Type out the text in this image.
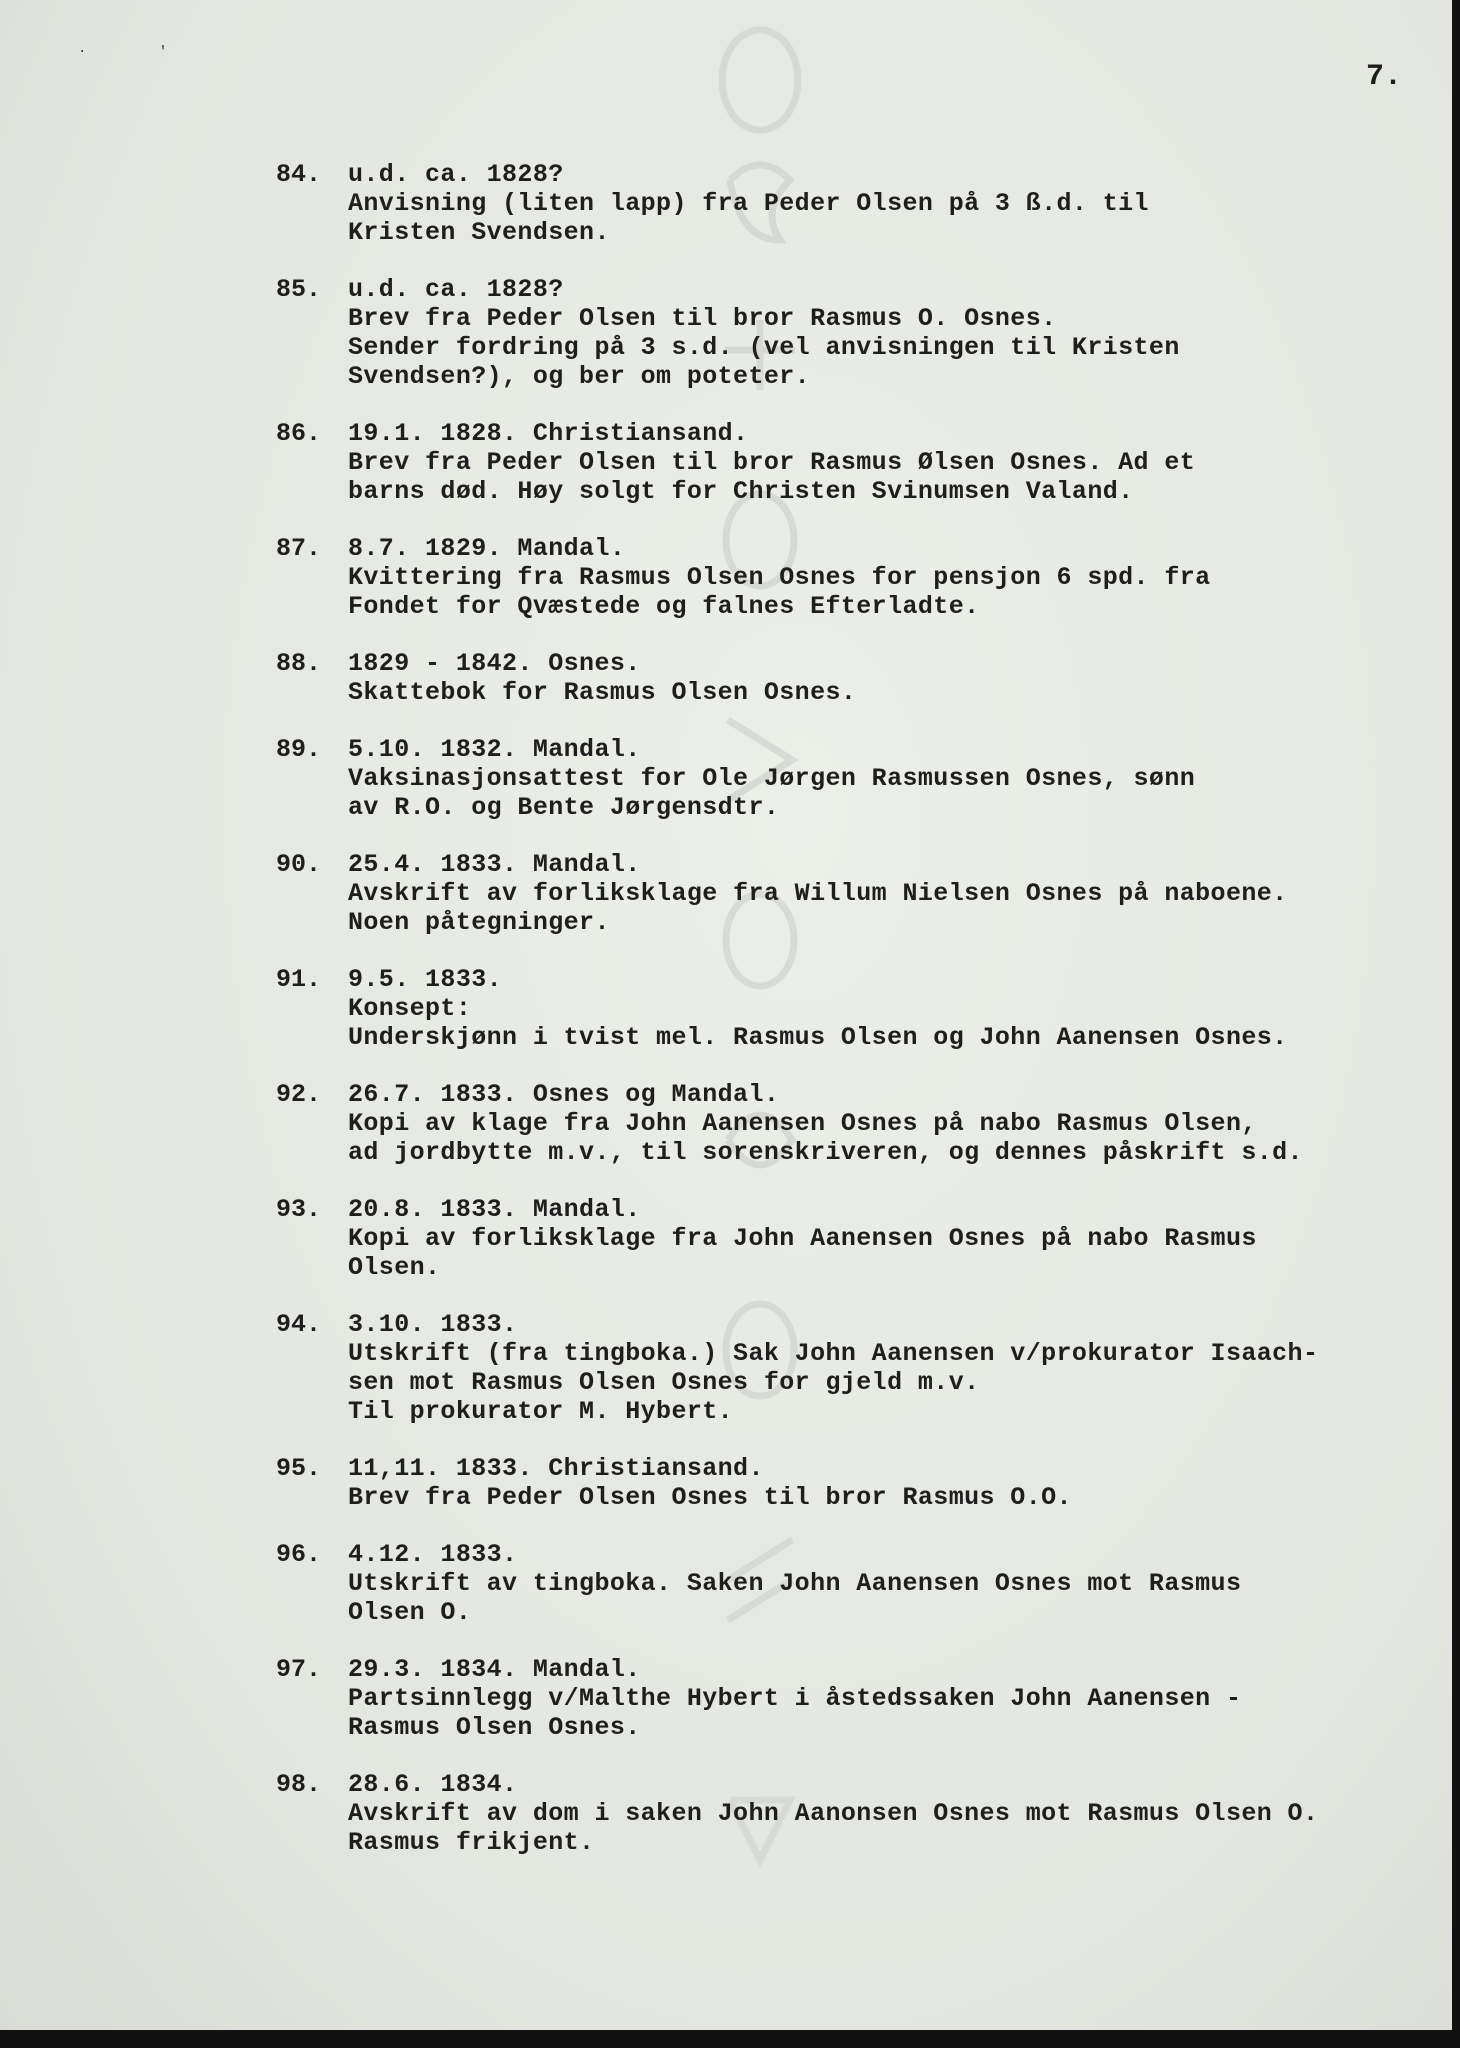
· '
7.
84.	u.d. ca. 1828?
Anvisning (liten lapp) fra Peder Olsen på 3 ß.d. til
Kristen Svendsen.
85.	u.d. ca. 1828?
Brev fra Peder Olsen til bror Rasmus O. Osnes.
Sender fordring på 3 s.d. (vel anvisningen til Kristen
Svendsen?), og ber om poteter.
86.	19.1. 1828. Christiansand.
Brev fra Peder Olsen til bror Rasmus Ølsen Osnes. Ad et
barns død. Høy solgt for Christen Svinumsen Valand.
87.	8.7. 1829. Mandal.
Kvittering fra Rasmus Olsen Osnes for pensjon 6 spd. fra
Fondet for Qvæstede og falnes Efterladte.
88.	1829 - 1842. Osnes.
Skattebok for Rasmus Olsen Osnes.
89.	5.10. 1832. Mandal.
Vaksinasjonsattest for Ole Jørgen Rasmussen Osnes, sønn
av R.O. og Bente Jørgensdtr.
90.	25.4. 1833. Mandal.
Avskrift av forliksklage fra Willum Nielsen Osnes på naboene.
Noen påtegninger.
91.	9.5. 1833.
Konsept:
Underskjønn i tvist mel. Rasmus Olsen og John Aanensen Osnes.
92.	26.7. 1833. Osnes og Mandal.
Kopi av klage fra John Aanensen Osnes på nabo Rasmus Olsen,
ad jordbytte m.v., til sorenskriveren, og dennes påskrift s.d.
93.	20.8. 1833. Mandal.
Kopi av forliksklage fra John Aanensen Osnes på nabo Rasmus
Olsen.
94.	3.10. 1833.
Utskrift (fra tingboka.) Sak John Aanensen v/prokurator Isaach-
sen mot Rasmus Olsen Osnes for gjeld m.v.
Til prokurator M. Hybert.
95.	11,11. 1833. Christiansand.
Brev fra Peder Olsen Osnes til bror Rasmus O.O.
96.	4.12. 1833.
Utskrift av tingboka. Saken John Aanensen Osnes mot Rasmus
Olsen O.
97.	29.3. 1834. Mandal.
Partsinnlegg v/Malthe Hybert i åstedssaken John Aanensen -
Rasmus Olsen Osnes.
98.	28.6. 1834.
Avskrift av dom i saken John Aanonsen Osnes mot Rasmus Olsen O.
Rasmus frikjent.
